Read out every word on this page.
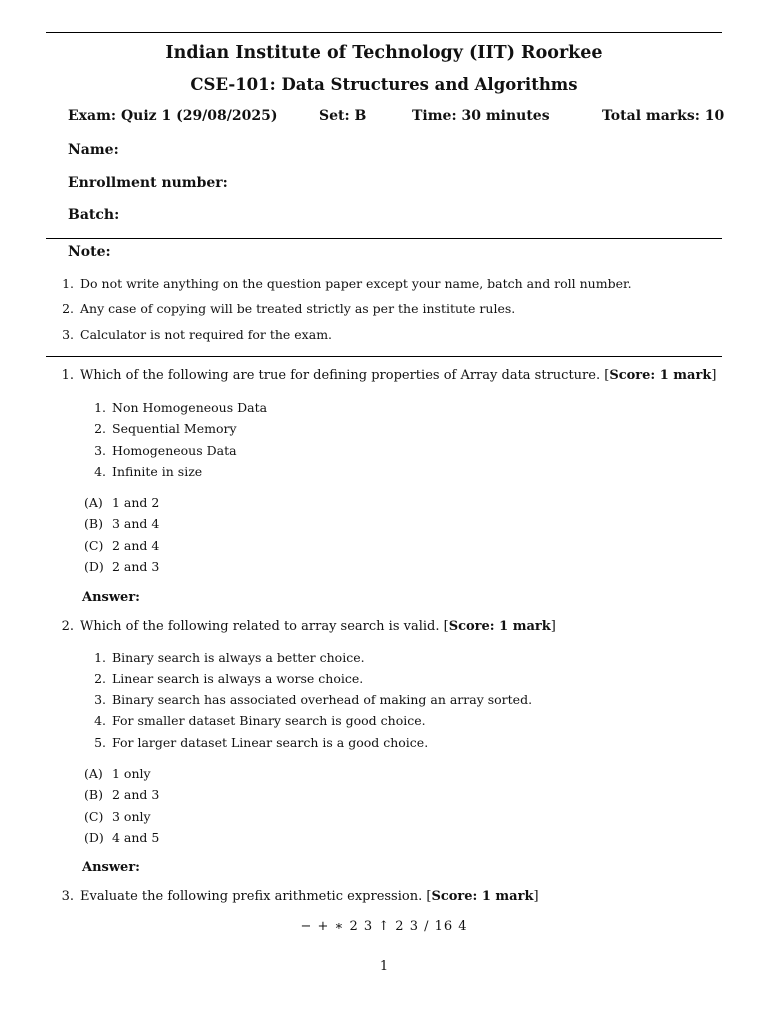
Indian Institute of Technology (IIT) Roorkee
CSE-101: Data Structures and Algorithms
Exam: Quiz 1 (29/08/2025)	Set: B	Time: 30 minutes	Total marks: 10
Name:
Enrollment number:
Batch:
Note:
1. Do not write anything on the question paper except your name, batch and roll number.
2. Any case of copying will be treated strictly as per the institute rules.
3. Calculator is not required for the exam.
1. Which of the following are true for defining properties of Array data structure. [Score: 1 mark]
1. Non Homogeneous Data
2. Sequential Memory
3. Homogeneous Data
4. Infinite in size
(A) 1 and 2
(B) 3 and 4
(C) 2 and 4
(D) 2 and 3
Answer:
2. Which of the following related to array search is valid. [Score: 1 mark]
1. Binary search is always a better choice.
2. Linear search is always a worse choice.
3. Binary search has associated overhead of making an array sorted.
4. For smaller dataset Binary search is good choice.
5. For larger dataset Linear search is a good choice.
(A) 1 only
(B) 2 and 3
(C) 3 only
(D) 4 and 5
Answer:
3. Evaluate the following prefix arithmetic expression. [Score: 1 mark]
− + ∗ 2 3 ↑ 2 3 / 16 4
1
